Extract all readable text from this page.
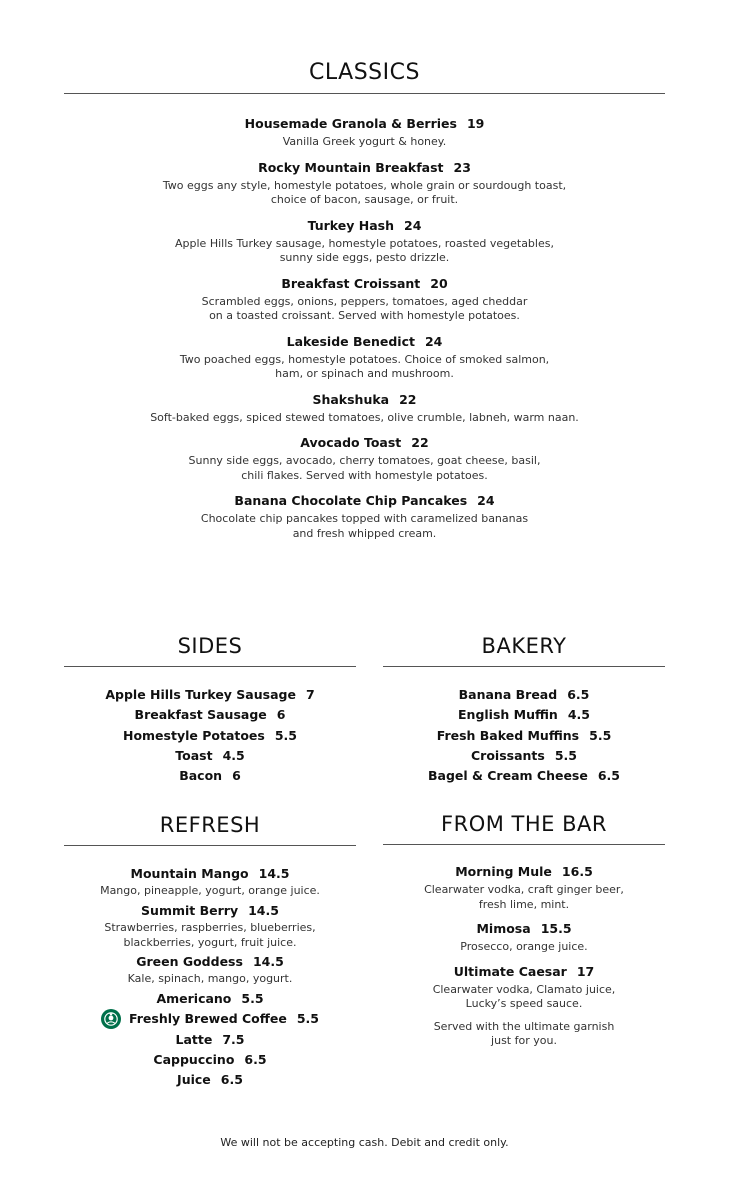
CLASSICS
Housemade Granola & Berries 19
Vanilla Greek yogurt & honey.
Rocky Mountain Breakfast 23
Two eggs any style, homestyle potatoes, whole grain or sourdough toast,
choice of bacon, sausage, or fruit.
Turkey Hash 24
Apple Hills Turkey sausage, homestyle potatoes, roasted vegetables,
sunny side eggs, pesto drizzle.
Breakfast Croissant 20
Scrambled eggs, onions, peppers, tomatoes, aged cheddar
on a toasted croissant. Served with homestyle potatoes.
Lakeside Benedict 24
Two poached eggs, homestyle potatoes. Choice of smoked salmon,
ham, or spinach and mushroom.
Shakshuka 22
Soft-baked eggs, spiced stewed tomatoes, olive crumble, labneh, warm naan.
Avocado Toast 22
Sunny side eggs, avocado, cherry tomatoes, goat cheese, basil,
chili flakes. Served with homestyle potatoes.
Banana Chocolate Chip Pancakes 24
Chocolate chip pancakes topped with caramelized bananas
and fresh whipped cream.
SIDES
Apple Hills Turkey Sausage 7
Breakfast Sausage 6
Homestyle Potatoes 5.5
Toast 4.5
Bacon 6
BAKERY
Banana Bread 6.5
English Muffin 4.5
Fresh Baked Muffins 5.5
Croissants 5.5
Bagel & Cream Cheese 6.5
REFRESH
Mountain Mango 14.5
Mango, pineapple, yogurt, orange juice.
Summit Berry 14.5
Strawberries, raspberries, blueberries,
blackberries, yogurt, fruit juice.
Green Goddess 14.5
Kale, spinach, mango, yogurt.
Americano 5.5
Freshly Brewed Coffee 5.5
Latte 7.5
Cappuccino 6.5
Juice 6.5
FROM THE BAR
Morning Mule 16.5
Clearwater vodka, craft ginger beer,
fresh lime, mint.
Mimosa 15.5
Prosecco, orange juice.
Ultimate Caesar 17
Clearwater vodka, Clamato juice,
Lucky’s speed sauce.
Served with the ultimate garnish
just for you.
We will not be accepting cash. Debit and credit only.
